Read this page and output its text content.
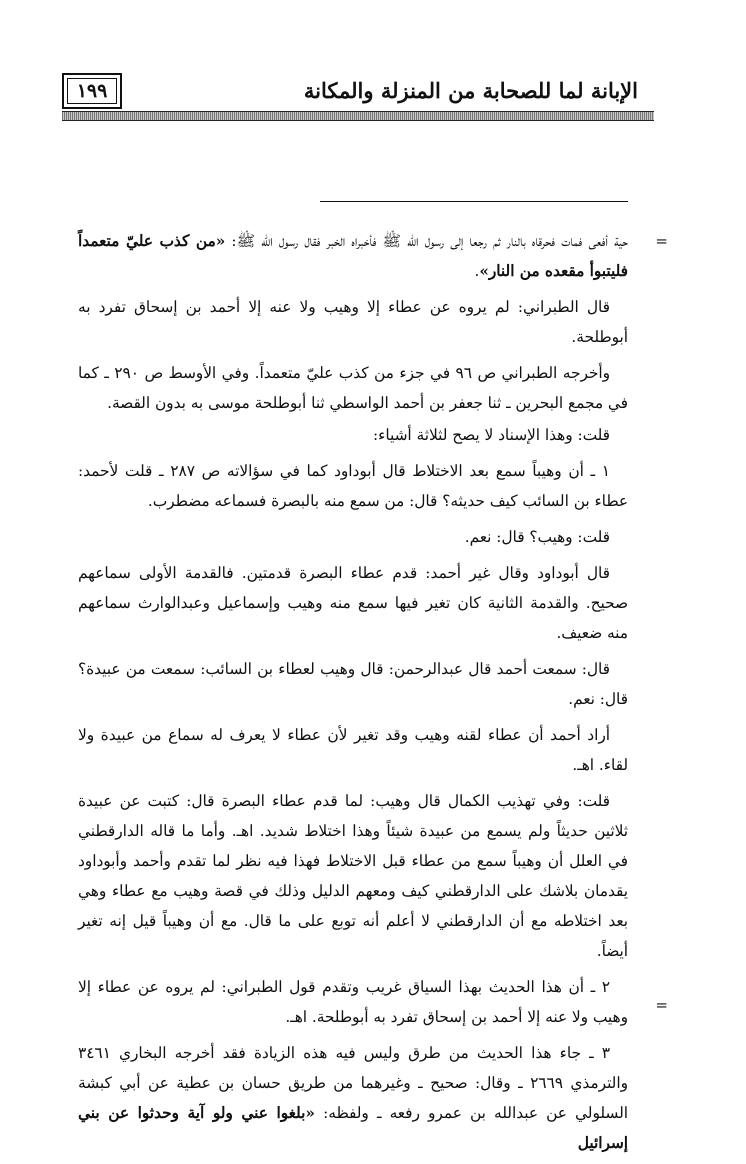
١٩٩	الإبانة لما للصحابة من المنزلة والمكانة
=
=

حية أفعى فمات فحرقاه بالنار ثم رجعا إلى رسول الله ﷺ فأخبراه الخبر فقال رسول الله ﷺ: «من كذب عليّ متعمداً فليتبوأ مقعده من النار».

قال الطبراني: لم يروه عن عطاء إلا وهيب ولا عنه إلا أحمد بن إسحاق تفرد به أبوطلحة.

وأخرجه الطبراني ص ٩٦ في جزء من كذب عليّ متعمداً. وفي الأوسط ص ٢٩٠ ـ كما في مجمع البحرين ـ ثنا جعفر بن أحمد الواسطي ثنا أبوطلحة موسى به بدون القصة.

قلت: وهذا الإسناد لا يصح لثلاثة أشياء:

١ ـ أن وهيباً سمع بعد الاختلاط قال أبوداود كما في سؤالاته ص ٢٨٧ ـ قلت لأحمد: عطاء بن السائب كيف حديثه؟ قال: من سمع منه بالبصرة فسماعه مضطرب.

قلت: وهيب؟ قال: نعم.

قال أبوداود وقال غير أحمد: قدم عطاء البصرة قدمتين. فالقدمة الأولى سماعهم صحيح. والقدمة الثانية كان تغير فيها سمع منه وهيب وإسماعيل وعبدالوارث سماعهم منه ضعيف.

قال: سمعت أحمد قال عبدالرحمن: قال وهيب لعطاء بن السائب: سمعت من عبيدة؟ قال: نعم.

أراد أحمد أن عطاء لقنه وهيب وقد تغير لأن عطاء لا يعرف له سماع من عبيدة ولا لقاء. اهـ.

قلت: وفي تهذيب الكمال قال وهيب: لما قدم عطاء البصرة قال: كتبت عن عبيدة ثلاثين حديثاً ولم يسمع من عبيدة شيئاً وهذا اختلاط شديد. اهـ. وأما ما قاله الدارقطني في العلل أن وهيباً سمع من عطاء قبل الاختلاط فهذا فيه نظر لما تقدم وأحمد وأبوداود يقدمان بلاشك على الدارقطني كيف ومعهم الدليل وذلك في قصة وهيب مع عطاء وهي بعد اختلاطه مع أن الدارقطني لا أعلم أنه توبع على ما قال. مع أن وهيباً قيل إنه تغير أيضاً.

٢ ـ أن هذا الحديث بهذا السياق غريب وتقدم قول الطبراني: لم يروه عن عطاء إلا وهيب ولا عنه إلا أحمد بن إسحاق تفرد به أبوطلحة. اهـ.

٣ ـ جاء هذا الحديث من طرق وليس فيه هذه الزيادة فقد أخرجه البخاري ٣٤٦١ والترمذي ٢٦٦٩ ـ وقال: صحيح ـ وغيرهما من طريق حسان بن عطية عن أبي كبشة السلولي عن عبدالله بن عمرو رفعه ـ ولفظه: «بلغوا عني ولو آية وحدثوا عن بني إسرائيل
